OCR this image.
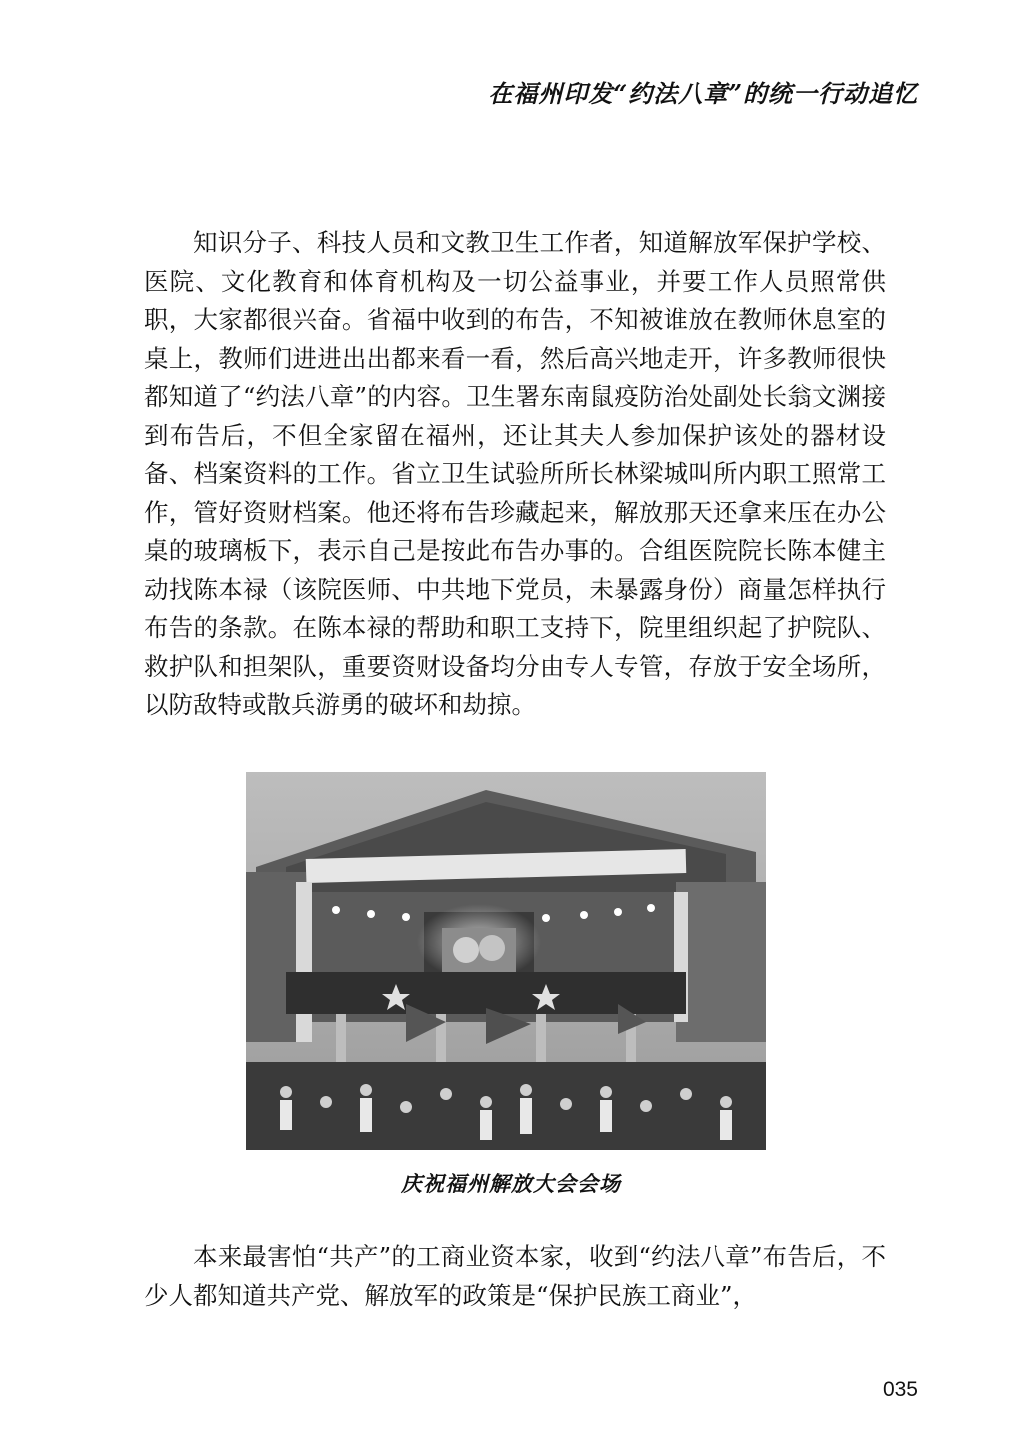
在福州印发“约法八章”的统一行动追忆

知识分子、科技人员和文教卫生工作者，知道解放军保护学校、医院、文化教育和体育机构及一切公益事业，并要工作人员照常供职，大家都很兴奋。省福中收到的布告，不知被谁放在教师休息室的桌上，教师们进进出出都来看一看，然后高兴地走开，许多教师很快都知道了“约法八章”的内容。卫生署东南鼠疫防治处副处长翁文渊接到布告后，不但全家留在福州，还让其夫人参加保护该处的器材设备、档案资料的工作。省立卫生试验所所长林梁城叫所内职工照常工作，管好资财档案。他还将布告珍藏起来，解放那天还拿来压在办公桌的玻璃板下，表示自己是按此布告办事的。合组医院院长陈本健主动找陈本禄（该院医师、中共地下党员，未暴露身份）商量怎样执行布告的条款。在陈本禄的帮助和职工支持下，院里组织起了护院队、救护队和担架队，重要资财设备均分由专人专管，存放于安全场所，以防敌特或散兵游勇的破坏和劫掠。

庆祝福州解放大会会场

本来最害怕“共产”的工商业资本家，收到“约法八章”布告后，不少人都知道共产党、解放军的政策是“保护民族工商业”，

035
